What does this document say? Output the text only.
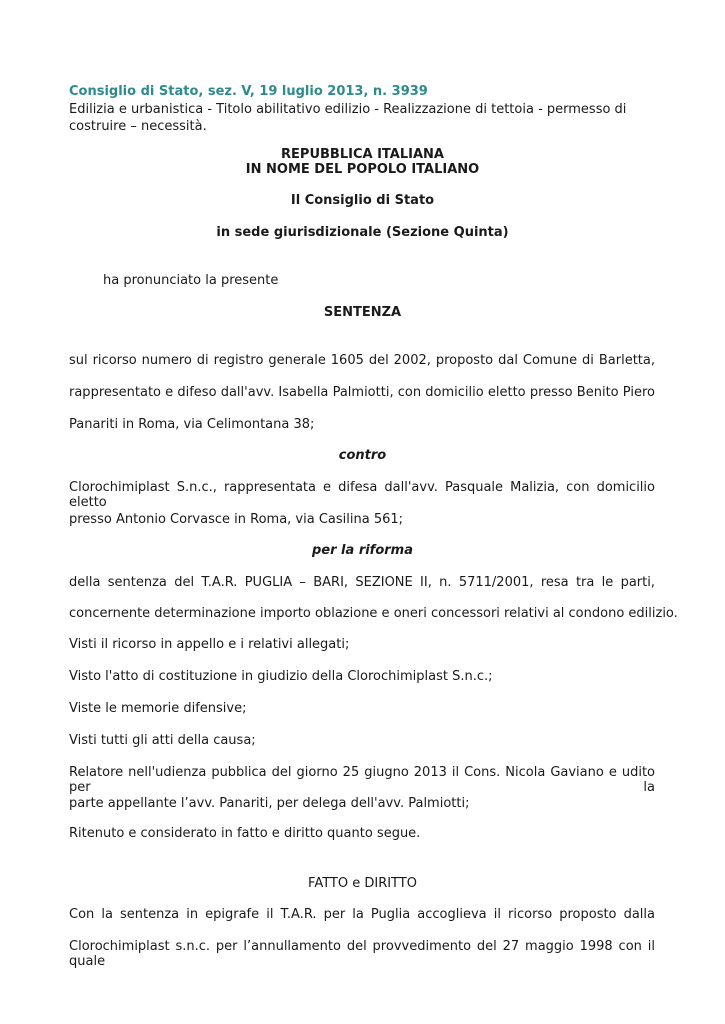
Consiglio di Stato, sez. V, 19 luglio 2013, n. 3939
Edilizia e urbanistica - Titolo abilitativo edilizio - Realizzazione di tettoia - permesso di costruire – necessità.
REPUBBLICA ITALIANA
IN NOME DEL POPOLO ITALIANO
Il Consiglio di Stato
in sede giurisdizionale (Sezione Quinta)
ha pronunciato la presente
SENTENZA
sul ricorso numero di registro generale 1605 del 2002, proposto dal Comune di Barletta,
rappresentato e difeso dall'avv. Isabella Palmiotti, con domicilio eletto presso Benito Piero
Panariti in Roma, via Celimontana 38;
contro
Clorochimiplast S.n.c., rappresentata e difesa dall'avv. Pasquale Malizia, con domicilio eletto
presso Antonio Corvasce in Roma, via Casilina 561;
per la riforma
della sentenza del T.A.R. PUGLIA – BARI, SEZIONE II, n. 5711/2001, resa tra le parti,
concernente determinazione importo oblazione e oneri concessori relativi al condono edilizio.
Visti il ricorso in appello e i relativi allegati;
Visto l'atto di costituzione in giudizio della Clorochimiplast S.n.c.;
Viste le memorie difensive;
Visti tutti gli atti della causa;
Relatore nell'udienza pubblica del giorno 25 giugno 2013 il Cons. Nicola Gaviano e udito per la
parte appellante l’avv. Panariti, per delega dell'avv. Palmiotti;
Ritenuto e considerato in fatto e diritto quanto segue.
FATTO e DIRITTO
Con la sentenza in epigrafe il T.A.R. per la Puglia accoglieva il ricorso proposto dalla
Clorochimiplast s.n.c. per l’annullamento del provvedimento del 27 maggio 1998 con il quale
